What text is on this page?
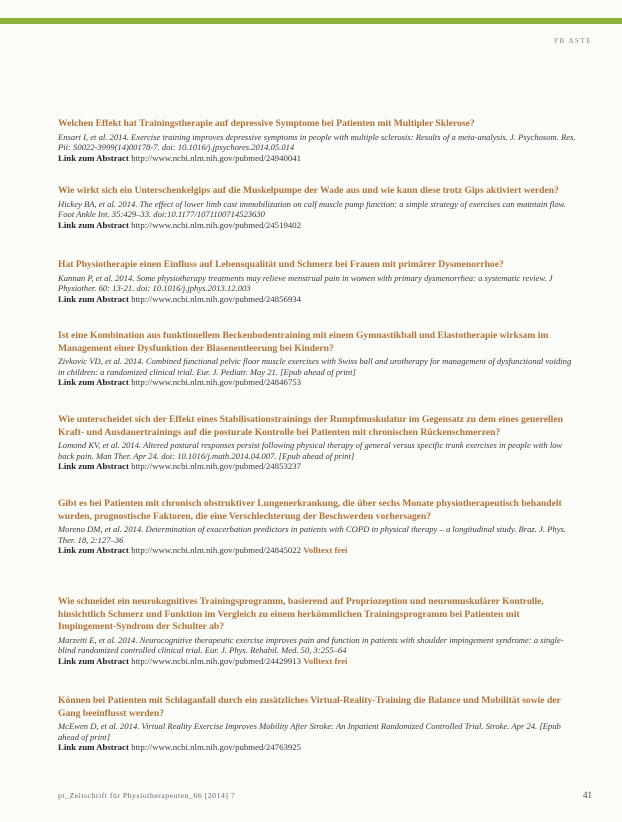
PB ASTE

Welchen Effekt hat Trainingstherapie auf depressive Symptome bei Patienten mit Multipler Sklerose?

Ensari I, et al. 2014. Exercise training improves depressive symptoms in people with multiple sclerosis: Results of a meta-analysis. J. Psychosom. Res. Pii: S0022-3999(14)00178-7. doi: 10.1016/j.jpsychores.2014.05.014

Link zum Abstract http://www.ncbi.nlm.nih.gov/pubmed/24940041

Wie wirkt sich ein Unterschenkelgips auf die Muskelpumpe der Wade aus und wie kann diese trotz Gips aktiviert werden?

Hickey BA, et al. 2014. The effect of lower limb cast immobilization on calf muscle pump function: a simple strategy of exercises can maintain flow. Foot Ankle Int. 35:429–33. doi:10.1177/1071100714523630

Link zum Abstract http://www.ncbi.nlm.nih.gov/pubmed/24519402

Hat Physiotherapie einen Einfluss auf Lebensqualität und Schmerz bei Frauen mit primärer Dysmenorrhoe?

Kannan P, et al. 2014. Some physiotherapy treatments may relieve menstrual pain in women with primary dysmenorrhea: a systematic review. J Physiother. 60: 13-21. doi: 10.1016/j.jphys.2013.12.003

Link zum Abstract http://www.ncbi.nlm.nih.gov/pubmed/24856934

Ist eine Kombination aus funktionellem Beckenbodentraining mit einem Gymnastikball und Elastotherapie wirksam im Management einer Dysfunktion der Blasenentleerung bei Kindern?

Zivkovic VD, et al. 2014. Combined functional pelvic floor muscle exercises with Swiss ball and urotherapy for management of dysfunctional voiding in children: a randomized clinical trial. Eur. J. Pediatr. May 21. [Epub ahead of print]

Link zum Abstract http://www.ncbi.nlm.nih.gov/pubmed/24846753

Wie unterscheidet sich der Effekt eines Stabilisationstrainings der Rumpfmuskulatur im Gegensatz zu dem eines generellen Kraft- und Ausdauertrainings auf die posturale Kontrolle bei Patienten mit chronischen Rückenschmerzen?

Lomond KV, et al. 2014. Altered postural responses persist following physical therapy of general versus specific trunk exercises in people with low back pain. Man Ther. Apr 24. doi: 10.1016/j.math.2014.04.007. [Epub ahead of print]

Link zum Abstract http://www.ncbi.nlm.nih.gov/pubmed/24853237

Gibt es bei Patienten mit chronisch obstruktiver Lungenerkrankung, die über sechs Monate physiotherapeutisch behandelt wurden, prognostische Faktoren, die eine Verschlechterung der Beschwerden vorhersagen?

Moreno DM, et al. 2014. Determination of exacerbation predictors in patients with COPD in physical therapy – a longitudinal study. Braz. J. Phys. Ther. 18, 2:127–36

Link zum Abstract http://www.ncbi.nlm.nih.gov/pubmed/24845022 Volltext frei

Wie schneidet ein neurokognitives Trainingsprogramm, basierend auf Propriozeption und neuromuskulärer Kontrolle, hinsichtlich Schmerz und Funktion im Vergleich zu einem herkömmlichen Trainingsprogramm bei Patienten mit Impingement-Syndrom der Schulter ab?

Marzetti E, et al. 2014. Neurocognitive therapeutic exercise improves pain and function in patients with shoulder impingement syndrome: a single-blind randomized controlled clinical trial. Eur. J. Phys. Rehabil. Med. 50, 3:255–64

Link zum Abstract http://www.ncbi.nlm.nih.gov/pubmed/24429913 Volltext frei

Können bei Patienten mit Schlaganfall durch ein zusätzliches Virtual-Reality-Training die Balance und Mobilität sowie der Gang beeinflusst werden?

McEwen D, et al. 2014. Virtual Reality Exercise Improves Mobility After Stroke: An Inpatient Randomized Controlled Trial. Stroke. Apr 24. [Epub ahead of print]

Link zum Abstract http://www.ncbi.nlm.nih.gov/pubmed/24763925

pt_Zeitschrift für Physiotherapeuten_66 [2014] 7	41
